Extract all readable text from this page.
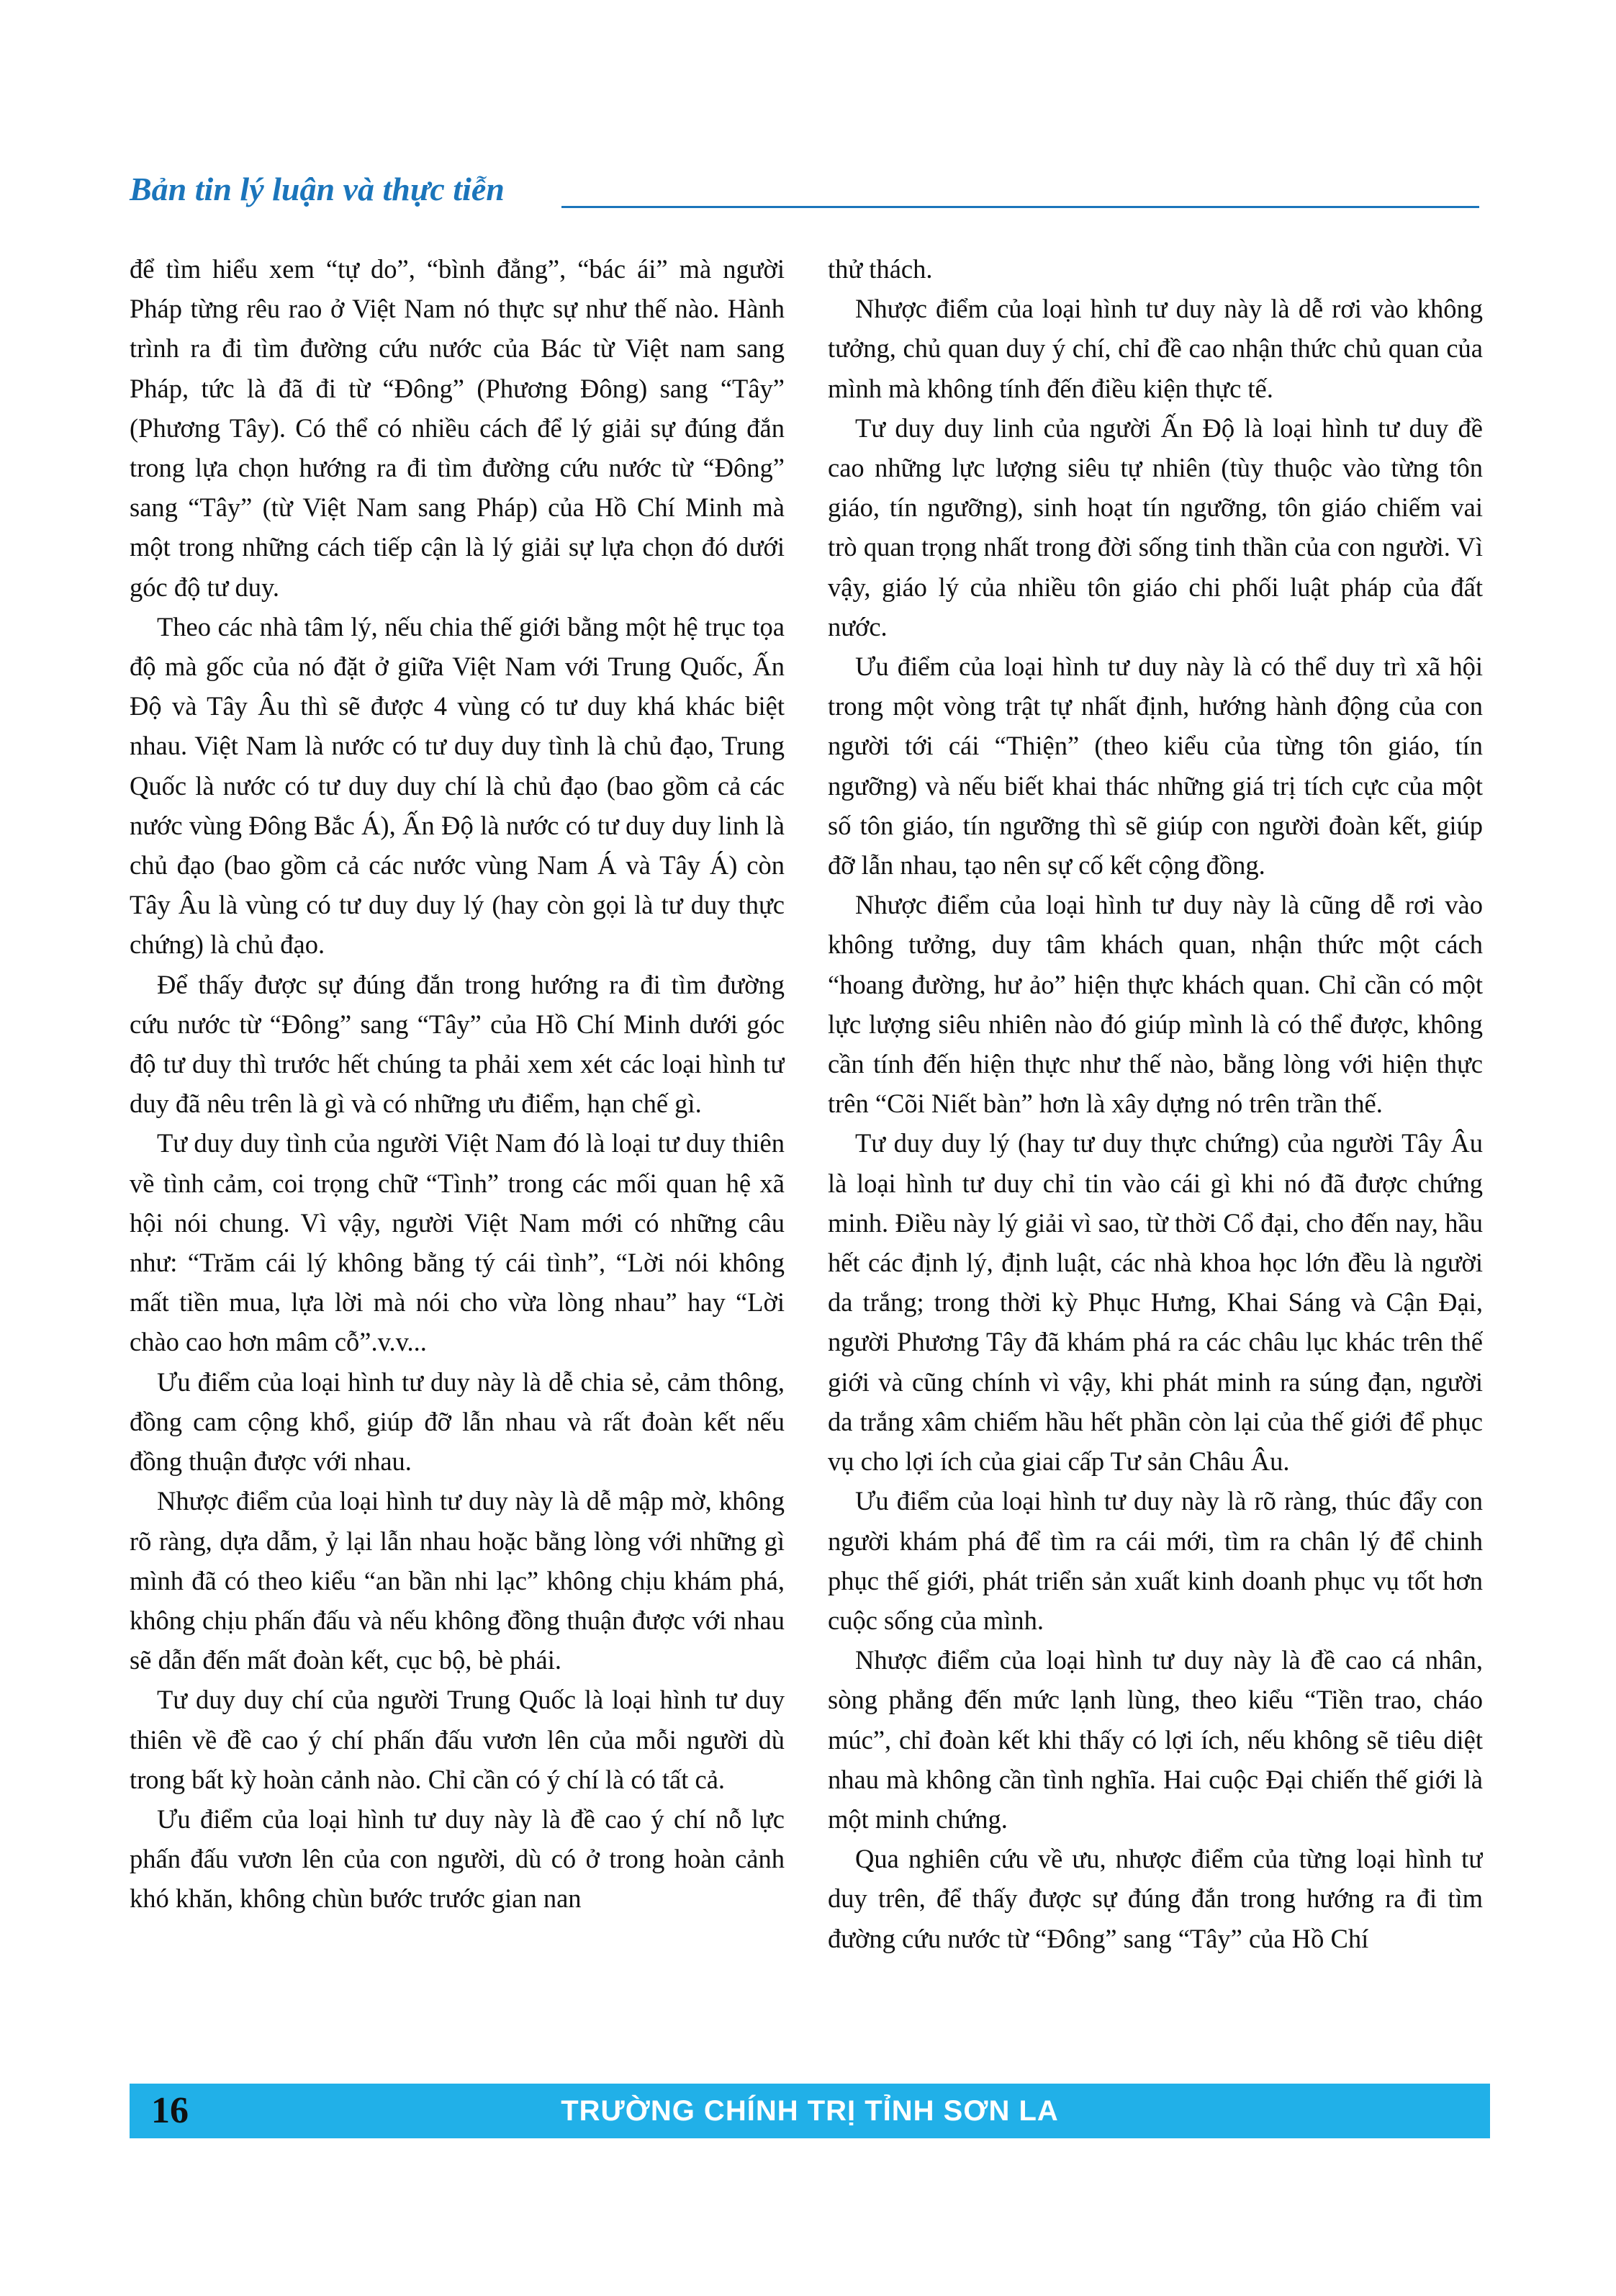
Bản tin lý luận và thực tiễn

để tìm hiểu xem “tự do”, “bình đẳng”, “bác ái” mà người Pháp từng rêu rao ở Việt Nam nó thực sự như thế nào. Hành trình ra đi tìm đường cứu nước của Bác từ Việt nam sang Pháp, tức là đã đi từ “Đông” (Phương Đông) sang “Tây” (Phương Tây). Có thể có nhiều cách để lý giải sự đúng đắn trong lựa chọn hướng ra đi tìm đường cứu nước từ “Đông” sang “Tây” (từ Việt Nam sang Pháp) của Hồ Chí Minh mà một trong những cách tiếp cận là lý giải sự lựa chọn đó dưới góc độ tư duy.

Theo các nhà tâm lý, nếu chia thế giới bằng một hệ trục tọa độ mà gốc của nó đặt ở giữa Việt Nam với Trung Quốc, Ấn Độ và Tây Âu thì sẽ được 4 vùng có tư duy khá khác biệt nhau. Việt Nam là nước có tư duy duy tình là chủ đạo, Trung Quốc là nước có tư duy duy chí là chủ đạo (bao gồm cả các nước vùng Đông Bắc Á), Ấn Độ là nước có tư duy duy linh là chủ đạo (bao gồm cả các nước vùng Nam Á và Tây Á) còn Tây Âu là vùng có tư duy duy lý (hay còn gọi là tư duy thực chứng) là chủ đạo.

Để thấy được sự đúng đắn trong hướng ra đi tìm đường cứu nước từ “Đông” sang “Tây” của Hồ Chí Minh dưới góc độ tư duy thì trước hết chúng ta phải xem xét các loại hình tư duy đã nêu trên là gì và có những ưu điểm, hạn chế gì.

Tư duy duy tình của người Việt Nam đó là loại tư duy thiên về tình cảm, coi trọng chữ “Tình” trong các mối quan hệ xã hội nói chung. Vì vậy, người Việt Nam mới có những câu như: “Trăm cái lý không bằng tý cái tình”, “Lời nói không mất tiền mua, lựa lời mà nói cho vừa lòng nhau” hay “Lời chào cao hơn mâm cỗ”.v.v...

Ưu điểm của loại hình tư duy này là dễ chia sẻ, cảm thông, đồng cam cộng khổ, giúp đỡ lẫn nhau và rất đoàn kết nếu đồng thuận được với nhau.

Nhược điểm của loại hình tư duy này là dễ mập mờ, không rõ ràng, dựa dẫm, ỷ lại lẫn nhau hoặc bằng lòng với những gì mình đã có theo kiểu “an bần nhi lạc” không chịu khám phá, không chịu phấn đấu và nếu không đồng thuận được với nhau sẽ dẫn đến mất đoàn kết, cục bộ, bè phái.

Tư duy duy chí của người Trung Quốc là loại hình tư duy thiên về đề cao ý chí phấn đấu vươn lên của mỗi người dù trong bất kỳ hoàn cảnh nào. Chỉ cần có ý chí là có tất cả.

Ưu điểm của loại hình tư duy này là đề cao ý chí nỗ lực phấn đấu vươn lên của con người, dù có ở trong hoàn cảnh khó khăn, không chùn bước trước gian nan

thử thách.

Nhược điểm của loại hình tư duy này là dễ rơi vào không tưởng, chủ quan duy ý chí, chỉ đề cao nhận thức chủ quan của mình mà không tính đến điều kiện thực tế.

Tư duy duy linh của người Ấn Độ là loại hình tư duy đề cao những lực lượng siêu tự nhiên (tùy thuộc vào từng tôn giáo, tín ngưỡng), sinh hoạt tín ngưỡng, tôn giáo chiếm vai trò quan trọng nhất trong đời sống tinh thần của con người. Vì vậy, giáo lý của nhiều tôn giáo chi phối luật pháp của đất nước.

Ưu điểm của loại hình tư duy này là có thể duy trì xã hội trong một vòng trật tự nhất định, hướng hành động của con người tới cái “Thiện” (theo kiểu của từng tôn giáo, tín ngưỡng) và nếu biết khai thác những giá trị tích cực của một số tôn giáo, tín ngưỡng thì sẽ giúp con người đoàn kết, giúp đỡ lẫn nhau, tạo nên sự cố kết cộng đồng.

Nhược điểm của loại hình tư duy này là cũng dễ rơi vào không tưởng, duy tâm khách quan, nhận thức một cách “hoang đường, hư ảo” hiện thực khách quan. Chỉ cần có một lực lượng siêu nhiên nào đó giúp mình là có thể được, không cần tính đến hiện thực như thế nào, bằng lòng với hiện thực trên “Cõi Niết bàn” hơn là xây dựng nó trên trần thế.

Tư duy duy lý (hay tư duy thực chứng) của người Tây Âu là loại hình tư duy chỉ tin vào cái gì khi nó đã được chứng minh. Điều này lý giải vì sao, từ thời Cổ đại, cho đến nay, hầu hết các định lý, định luật, các nhà khoa học lớn đều là người da trắng; trong thời kỳ Phục Hưng, Khai Sáng và Cận Đại, người Phương Tây đã khám phá ra các châu lục khác trên thế giới và cũng chính vì vậy, khi phát minh ra súng đạn, người da trắng xâm chiếm hầu hết phần còn lại của thế giới để phục vụ cho lợi ích của giai cấp Tư sản Châu Âu.

Ưu điểm của loại hình tư duy này là rõ ràng, thúc đẩy con người khám phá để tìm ra cái mới, tìm ra chân lý để chinh phục thế giới, phát triển sản xuất kinh doanh phục vụ tốt hơn cuộc sống của mình.

Nhược điểm của loại hình tư duy này là đề cao cá nhân, sòng phẳng đến mức lạnh lùng, theo kiểu “Tiền trao, cháo múc”, chỉ đoàn kết khi thấy có lợi ích, nếu không sẽ tiêu diệt nhau mà không cần tình nghĩa. Hai cuộc Đại chiến thế giới là một minh chứng.

Qua nghiên cứu về ưu, nhược điểm của từng loại hình tư duy trên, để thấy được sự đúng đắn trong hướng ra đi tìm đường cứu nước từ “Đông” sang “Tây” của Hồ Chí

16	TRƯỜNG CHÍNH TRỊ TỈNH SƠN LA
